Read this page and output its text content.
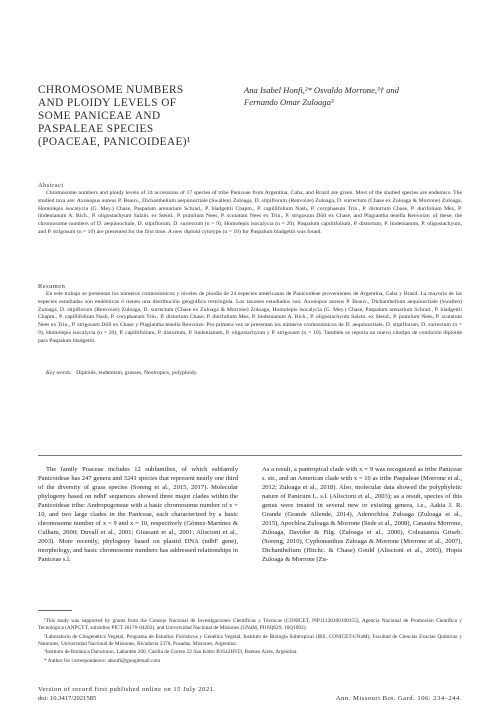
CHROMOSOME NUMBERS
AND PLOIDY LEVELS OF
SOME PANICEAE AND
PASPALEAE SPECIES
(POACEAE, PANICOIDEAE)¹
Ana Isabel Honfi,²* Osvaldo Morrone,³† and
Fernando Omar Zuloaga³
Abstract
Chromosome numbers and ploidy levels of 24 accessions of 17 species of tribe Paniceae from Argentina, Cuba, and Brazil are given. Most of the studied species are endemics. The studied taxa are: Axonopus aureus P. Beauv., Dichanthelium aequinoctiale (Swallen) Zuloaga, D. stipiflorum (Renvoize) Zuloaga, D. surrectum (Chase ex Zuloaga & Morrone) Zuloaga, Homolepis isocalycia (G. Mey.) Chase, Paspalum arenarium Schrad., P. bladgettii Chapm., P. capillifolium Nash, P. coryphaeum Trin., P. distortum Chase, P. durifolium Mez, P. lindenianum A. Rich., P. oligostachyum Salzm. ex Steud., P. pumilum Nees, P. scutatum Nees ex Trin., P. strigosum Döll ex Chase, and Plagiantha tenella Renvoize; of these, the chromosome numbers of D. aequinoctiale, D. stipiflorum, D. surrectum (n = 9), Homolepis isocalycia (n = 20), Paspalum capillifolium, P. distortum, P. lindenianum, P. oligostachyum, and P. strigosum (n = 10) are presented for the first time. A new diploid cytotype (n = 10) for Paspalum bladgettii was found.
Resumen
En este trabajo se presentan los números cromosómicos y niveles de ploidía de 24 especies americanas de Panicoideae provenientes de Argentina, Cuba y Brasil. La mayoría de las especies estudiadas son endémicas ó tienen una distribución geográfica restringida. Los taxones estudiados son: Axonopus aureus P. Beauv., Dichanthelium aequinoctiale (Swallen) Zuloaga, D. stipiflorum (Renvoize) Zuloaga, D. surrectum (Chase ex Zuloaga & Morrone) Zuloaga, Homolepis isocalycia (G. Mey.) Chase, Paspalum arenarium Schrad., P. bladgettii Chapm., P. capillifolium Nash, P. coryphaeum Trin., P. distortum Chase, P. durifolium Mez, P. lindenianum A. Rich., P. oligostachyum Salzm. ex Steud., P. pumilum Nees, P. scutatum Nees ex Trin., P. strigosum Döll ex Chase y Plagiantha tenella Renvoize. Por primera vez se presentan los números cromosómicos de D. aequinoctiale, D. stipiflorum, D. surrectum (n = 9), Homolepis isocalycia (n = 20), P. capillifolium, P. distortum, P. lindenianum, P. oligostachyum y P. strigosum (n = 10). También se reporta un nuevo citotipo de condición diploide para Paspalum bladgettii.
Key words: Diploids, endemism, grasses, Neotropics, polyploidy.
The family Poaceae includes 12 subfamilies, of which subfamily Panicoideae has 247 genera and 3241 species that represent nearly one third of the diversity of grass species (Soreng et al., 2015, 2017). Molecular phylogeny based on ndhF sequences showed three major clades within the Panicoideae tribe: Andropogoneae with a basic chromosome number of x = 10, and two large clades in the Paniceae, each characterized by a basic chromosome number of x = 9 and x = 10, respectively (Gómez-Martínez & Culham, 2000; Duvall et al., 2001; Giussani et al., 2001; Aliscioni et al., 2003). More recently, phylogeny based on plastid DNA (ndhF gene), morphology, and basic chromosome numbers has addressed relationships in Paniceae s.l.
As a result, a pantropical clade with x = 9 was recognized as tribe Paniceae s. str., and an American clade with x = 10 as tribe Paspaleae (Morrone et al., 2012; Zuloaga et al., 2018). Also, molecular data showed the polyphyletic nature of Panicum L. s.l. (Aliscioni et al., 2003); as a result, species of this genus were treated in several new or existing genera, i.e., Aakia J. R. Grande (Grande Allende, 2014), Adenochloa Zuloaga (Zuloaga et al., 2015), Apochloa Zuloaga & Morrone (Sede et al., 2008), Canastra Morrone, Zuloaga, Davidse & Filg. (Zuloaga et al., 2006), Coleataenia Griseb. (Soreng, 2010), Cyphonanthus Zuloaga & Morrone (Morrone et al., 2007), Dichanthelium (Hitchc. & Chase) Gould (Aliscioni et al., 2003), Hopia Zuloaga & Morrone (Zu-

¹This study was supported by grants from the Consejo Nacional de Investigaciones Científicas y Técnicas (CONICET, PIP11220100100155), Agencia Nacional de Promoción Científica y Tecnológica (ANPCYT, subsidios PICT 2017#-04203), and Universidad Nacional de Misiones (UNaM, PI16Q629, 16Q1092).

²Laboratorio de Citogenética Vegetal, Programa de Estudios Florísticos y Genética Vegetal, Instituto de Biología Subtropical (IBS, CONICET-UNaM), Facultad de Ciencias Exactas Químicas y Naturales, Universidad Nacional de Misiones, Rivadavia 2370, Posadas, Misiones, Argentina.

³Instituto de Botánica Darwinion, Labardén 200, Casilla de Correo 22 San Isidro B1642HYD, Buenos Aires, Argentina.

* Author for correspondence: ahonfi@googlemail.com

Version of record first published online on 15 July 2021.
doi: 10.3417/2021585	Ann. Missouri Bot. Gard. 106: 234–244.
